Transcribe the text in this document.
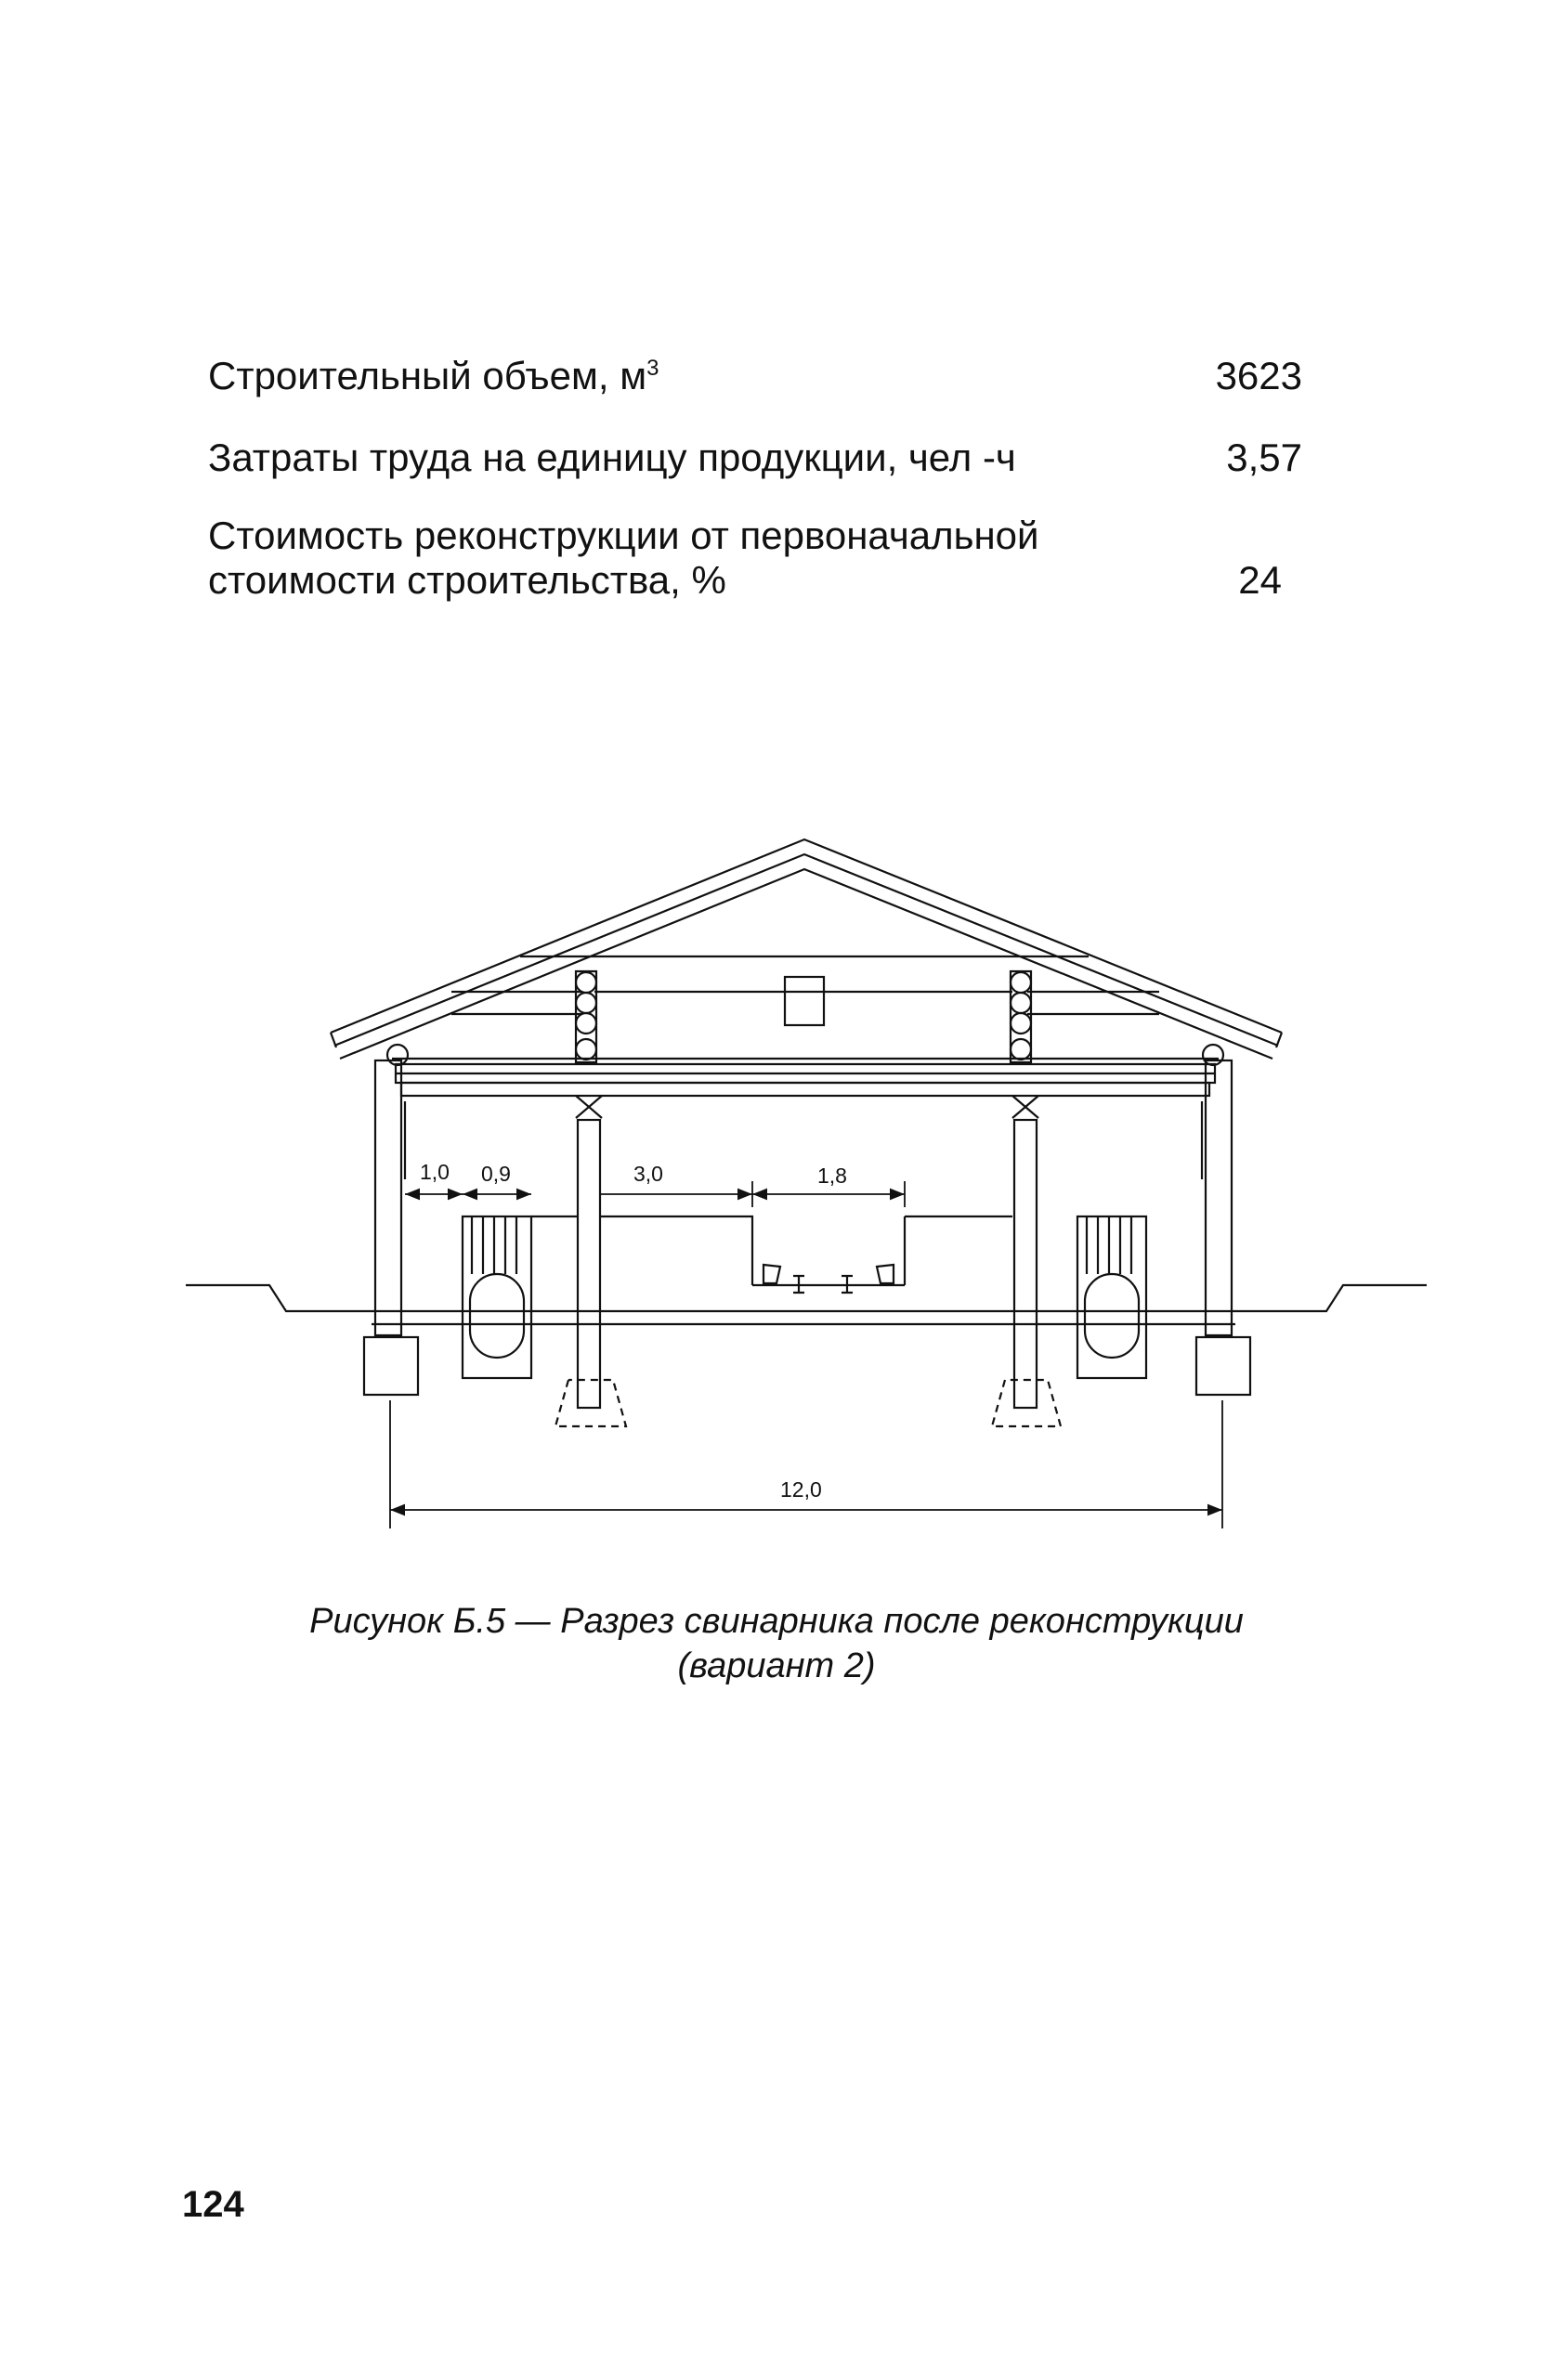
Строительный объем, $м^3$	3623
Затраты труда на единицу продукции, чел -ч	3,57
Стоимость реконструкции от первоначальной
стоимости строительства, %	24
1,0 0,9	3,0	1,8
12,0
Рисунок Б.5 — Разрез свинарника после реконструкции
(вариант 2)
124
